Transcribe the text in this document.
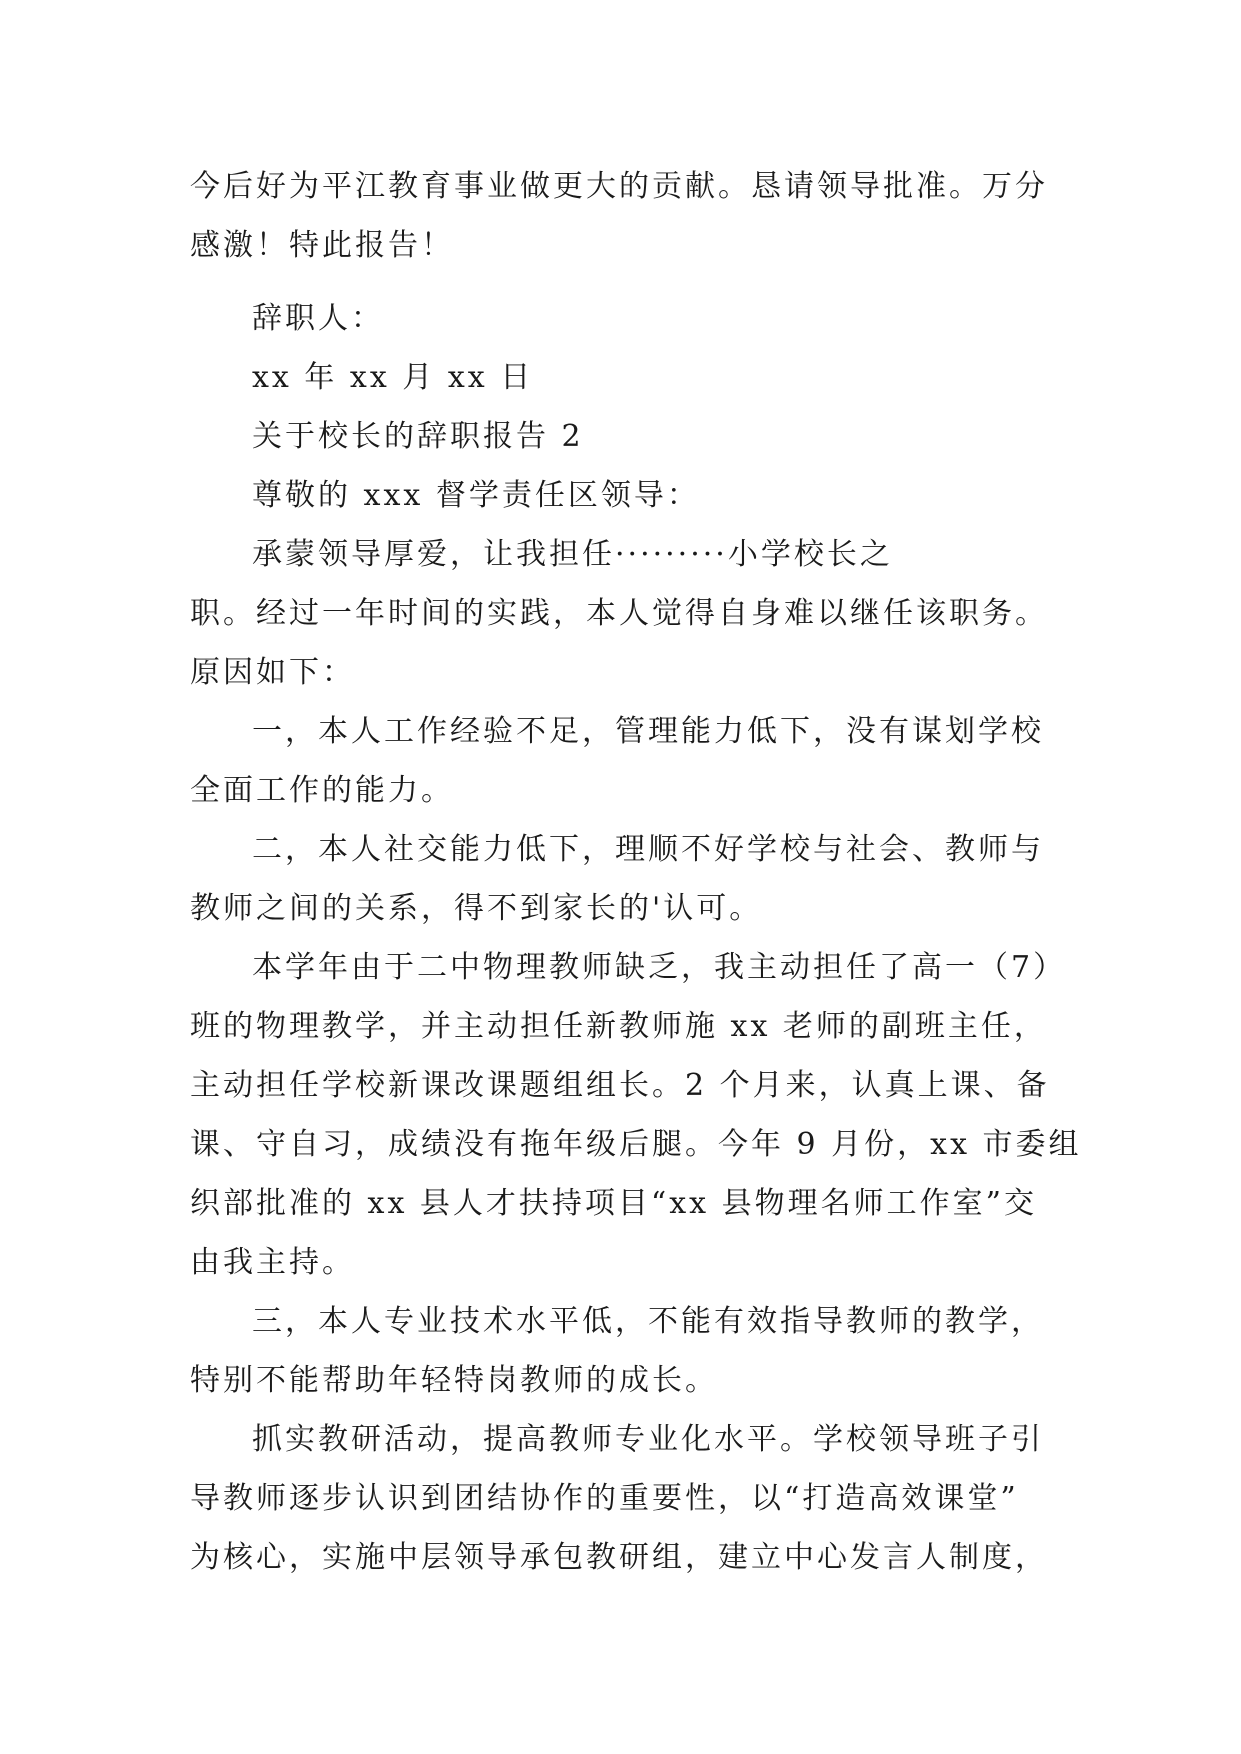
今后好为平江教育事业做更大的贡献。恳请领导批准。万分
感激！特此报告！
辞职人：
xx 年 xx 月 xx 日
关于校长的辞职报告 2
尊敬的 xxx 督学责任区领导：
承蒙领导厚爱，让我担任·········小学校长之
职。经过一年时间的实践，本人觉得自身难以继任该职务。
原因如下：
一，本人工作经验不足，管理能力低下，没有谋划学校
全面工作的能力。
二，本人社交能力低下，理顺不好学校与社会、教师与
教师之间的关系，得不到家长的'认可。
本学年由于二中物理教师缺乏，我主动担任了高一（7）
班的物理教学，并主动担任新教师施 xx 老师的副班主任，
主动担任学校新课改课题组组长。2 个月来，认真上课、备
课、守自习，成绩没有拖年级后腿。今年 9 月份，xx 市委组
织部批准的 xx 县人才扶持项目“xx 县物理名师工作室”交
由我主持。
三，本人专业技术水平低，不能有效指导教师的教学，
特别不能帮助年轻特岗教师的成长。
抓实教研活动，提高教师专业化水平。学校领导班子引
导教师逐步认识到团结协作的重要性，以“打造高效课堂”
为核心，实施中层领导承包教研组，建立中心发言人制度，
